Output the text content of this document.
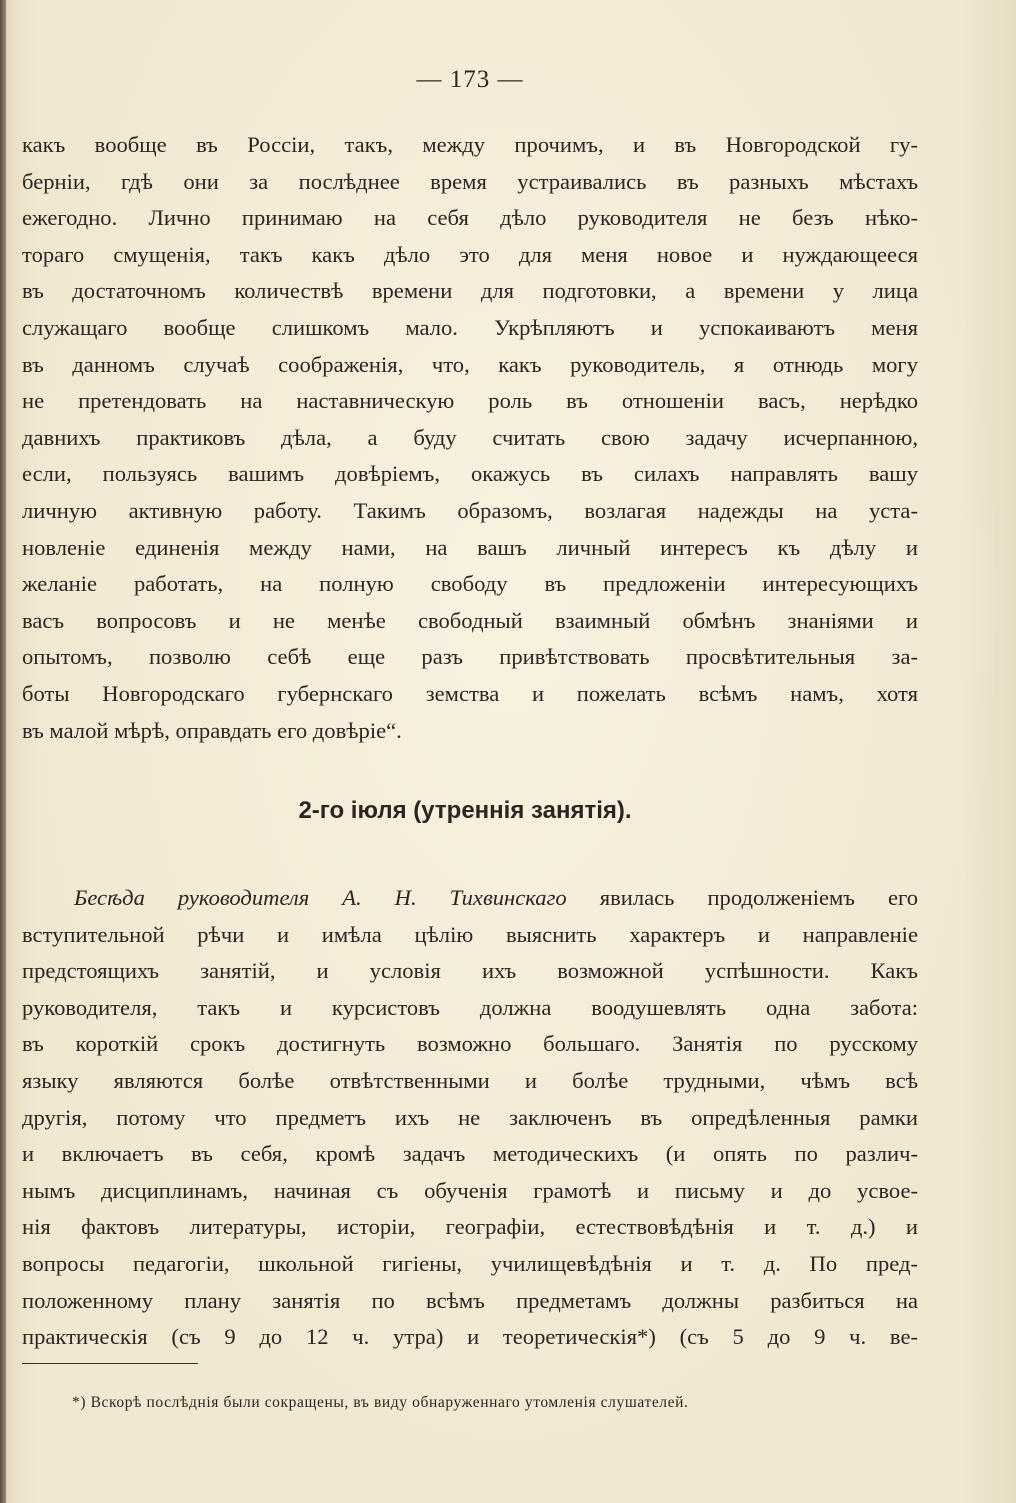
— 173 —
какъ вообще въ Россіи, такъ, между прочимъ, и въ Новгородской гу-
берніи, гдѣ они за послѣднее время устраивались въ разныхъ мѣстахъ
ежегодно. Лично принимаю на себя дѣло руководителя не безъ нѣко-
тораго смущенія, такъ какъ дѣло это для меня новое и нуждающееся
въ достаточномъ количествѣ времени для подготовки, а времени у лица
служащаго вообще слишкомъ мало. Укрѣпляютъ и успокаиваютъ меня
въ данномъ случаѣ соображенія, что, какъ руководитель, я отнюдь могу
не претендовать на наставническую роль въ отношеніи васъ, нерѣдко
давнихъ практиковъ дѣла, а буду считать свою задачу исчерпанною,
если, пользуясь вашимъ довѣріемъ, окажусь въ силахъ направлять вашу
личную активную работу. Такимъ образомъ, возлагая надежды на уста-
новленіе единенія между нами, на вашъ личный интересъ къ дѣлу и
желаніе работать, на полную свободу въ предложеніи интересующихъ
васъ вопросовъ и не менѣе свободный взаимный обмѣнъ знаніями и
опытомъ, позволю себѣ еще разъ привѣтствовать просвѣтительныя за-
боты Новгородскаго губернскаго земства и пожелать всѣмъ намъ, хотя
въ малой мѣрѣ, оправдать его довѣріе“.
2-го іюля (утреннія занятія).
Бесѣда руководителя А. Н. Тихвинскаго явилась продолженіемъ его
вступительной рѣчи и имѣла цѣлію выяснить характеръ и направленіе
предстоящихъ занятій, и условія ихъ возможной успѣшности. Какъ
руководителя, такъ и курсистовъ должна воодушевлять одна забота:
въ короткій срокъ достигнуть возможно большаго. Занятія по русскому
языку являются болѣе отвѣтственными и болѣе трудными, чѣмъ всѣ
другія, потому что предметъ ихъ не заключенъ въ опредѣленныя рамки
и включаетъ въ себя, кромѣ задачъ методическихъ (и опять по различ-
нымъ дисциплинамъ, начиная съ обученія грамотѣ и письму и до усвое-
нія фактовъ литературы, исторіи, географіи, естествовѣдѣнія и т. д.) и
вопросы педагогіи, школьной гигіены, училищевѣдѣнія и т. д. По пред-
положенному плану занятія по всѣмъ предметамъ должны разбиться на
практическія (съ 9 до 12 ч. утра) и теоретическія*) (съ 5 до 9 ч. ве-

*) Вскорѣ послѣднія были сокращены, въ виду обнаруженнаго утомленія слушателей.
